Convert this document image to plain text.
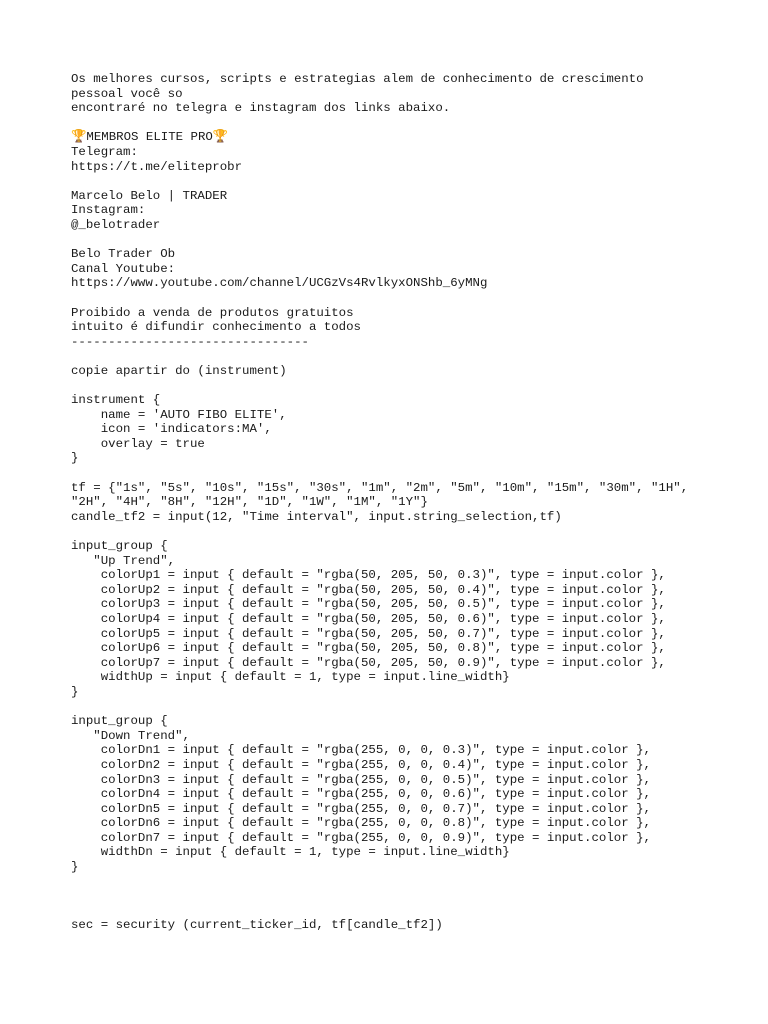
Os melhores cursos, scripts e estrategias alem de conhecimento de crescimento
pessoal você so
encontraré no telegra e instagram dos links abaixo.
🏆MEMBROS ELITE PRO🏆
Telegram:
https://t.me/eliteprobr
Marcelo Belo | TRADER
Instagram:
@_belotrader
Belo Trader Ob
Canal Youtube:
https://www.youtube.com/channel/UCGzVs4RvlkyxONShb_6yMNg
Proibido a venda de produtos gratuitos
intuito é difundir conhecimento a todos
--------------------------------
copie apartir do (instrument)
instrument {
name = 'AUTO FIBO ELITE',
icon = 'indicators:MA',
overlay = true
}
tf = {"1s", "5s", "10s", "15s", "30s", "1m", "2m", "5m", "10m", "15m", "30m", "1H",
"2H", "4H", "8H", "12H", "1D", "1W", "1M", "1Y"}
candle_tf2 = input(12, "Time interval", input.string_selection,tf)
input_group {
"Up Trend",
colorUp1 = input { default = "rgba(50, 205, 50, 0.3)", type = input.color },
colorUp2 = input { default = "rgba(50, 205, 50, 0.4)", type = input.color },
colorUp3 = input { default = "rgba(50, 205, 50, 0.5)", type = input.color },
colorUp4 = input { default = "rgba(50, 205, 50, 0.6)", type = input.color },
colorUp5 = input { default = "rgba(50, 205, 50, 0.7)", type = input.color },
colorUp6 = input { default = "rgba(50, 205, 50, 0.8)", type = input.color },
colorUp7 = input { default = "rgba(50, 205, 50, 0.9)", type = input.color },
widthUp = input { default = 1, type = input.line_width}
}
input_group {
"Down Trend",
colorDn1 = input { default = "rgba(255, 0, 0, 0.3)", type = input.color },
colorDn2 = input { default = "rgba(255, 0, 0, 0.4)", type = input.color },
colorDn3 = input { default = "rgba(255, 0, 0, 0.5)", type = input.color },
colorDn4 = input { default = "rgba(255, 0, 0, 0.6)", type = input.color },
colorDn5 = input { default = "rgba(255, 0, 0, 0.7)", type = input.color },
colorDn6 = input { default = "rgba(255, 0, 0, 0.8)", type = input.color },
colorDn7 = input { default = "rgba(255, 0, 0, 0.9)", type = input.color },
widthDn = input { default = 1, type = input.line_width}
}
sec = security (current_ticker_id, tf[candle_tf2])
